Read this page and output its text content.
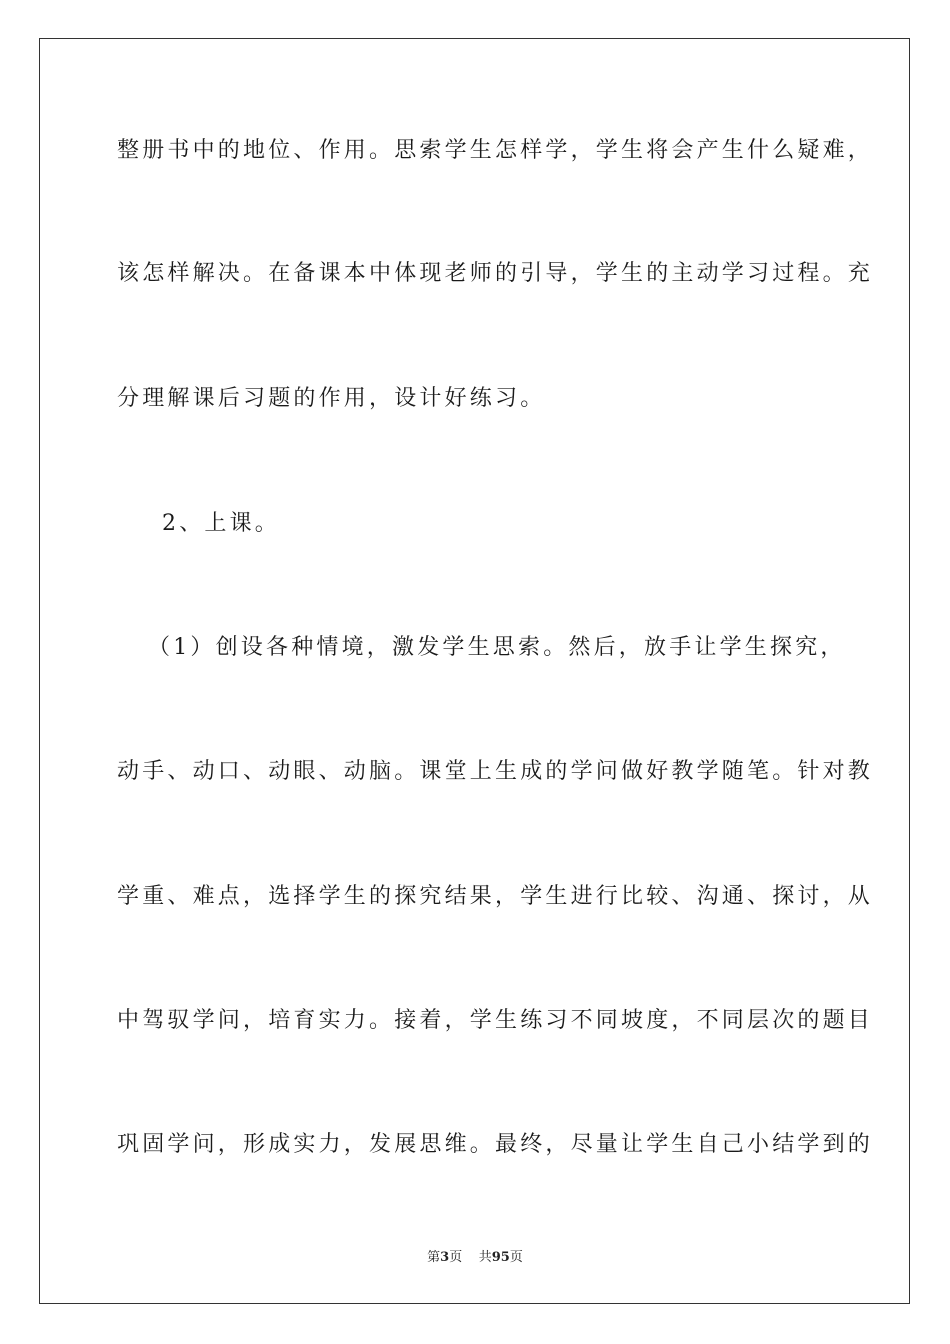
整册书中的地位、作用。思索学生怎样学，学生将会产生什么疑难，
该怎样解决。在备课本中体现老师的引导，学生的主动学习过程。充
分理解课后习题的作用，设计好练习。
2、上课。
（1）创设各种情境，激发学生思索。然后，放手让学生探究，
动手、动口、动眼、动脑。课堂上生成的学问做好教学随笔。针对教
学重、难点，选择学生的探究结果，学生进行比较、沟通、探讨，从
中驾驭学问，培育实力。接着，学生练习不同坡度，不同层次的题目
巩固学问，形成实力，发展思维。最终，尽量让学生自己小结学到的
第3页 共95页
